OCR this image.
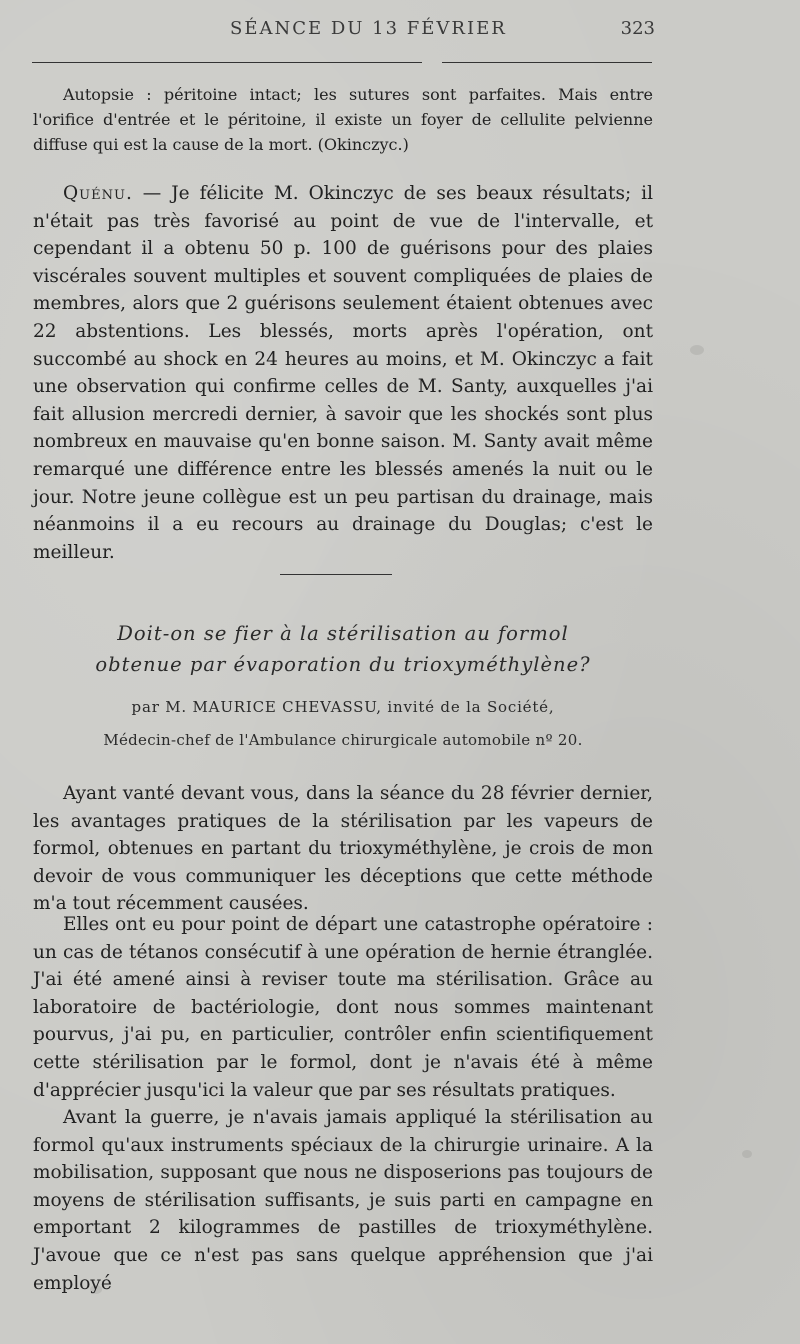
SÉANCE DU 13 FÉVRIER	323

Autopsie : péritoine intact; les sutures sont parfaites. Mais entre l'orifice d'entrée et le péritoine, il existe un foyer de cellulite pelvienne diffuse qui est la cause de la mort. (Okinczyc.)

Quénu. — Je félicite M. Okinczyc de ses beaux résultats; il n'était pas très favorisé au point de vue de l'intervalle, et cependant il a obtenu 50 p. 100 de guérisons pour des plaies viscérales souvent multiples et souvent compliquées de plaies de membres, alors que 2 guérisons seulement étaient obtenues avec 22 abstentions. Les blessés, morts après l'opération, ont succombé au shock en 24 heures au moins, et M. Okinczyc a fait une observation qui confirme celles de M. Santy, auxquelles j'ai fait allusion mercredi dernier, à savoir que les shockés sont plus nombreux en mauvaise qu'en bonne saison. M. Santy avait même remarqué une différence entre les blessés amenés la nuit ou le jour. Notre jeune collègue est un peu partisan du drainage, mais néanmoins il a eu recours au drainage du Douglas; c'est le meilleur.

Doit-on se fier à la stérilisation au formol
obtenue par évaporation du trioxyméthylène?
par M. MAURICE CHEVASSU, invité de la Société,
Médecin-chef de l'Ambulance chirurgicale automobile nº 20.

Ayant vanté devant vous, dans la séance du 28 février dernier, les avantages pratiques de la stérilisation par les vapeurs de formol, obtenues en partant du trioxyméthylène, je crois de mon devoir de vous communiquer les déceptions que cette méthode m'a tout récemment causées.

Elles ont eu pour point de départ une catastrophe opératoire : un cas de tétanos consécutif à une opération de hernie étranglée. J'ai été amené ainsi à reviser toute ma stérilisation. Grâce au laboratoire de bactériologie, dont nous sommes maintenant pourvus, j'ai pu, en particulier, contrôler enfin scientifiquement cette stérilisation par le formol, dont je n'avais été à même d'apprécier jusqu'ici la valeur que par ses résultats pratiques.

Avant la guerre, je n'avais jamais appliqué la stérilisation au formol qu'aux instruments spéciaux de la chirurgie urinaire. A la mobilisation, supposant que nous ne disposerions pas toujours de moyens de stérilisation suffisants, je suis parti en campagne en emportant 2 kilogrammes de pastilles de trioxyméthylène. J'avoue que ce n'est pas sans quelque appréhension que j'ai employé
